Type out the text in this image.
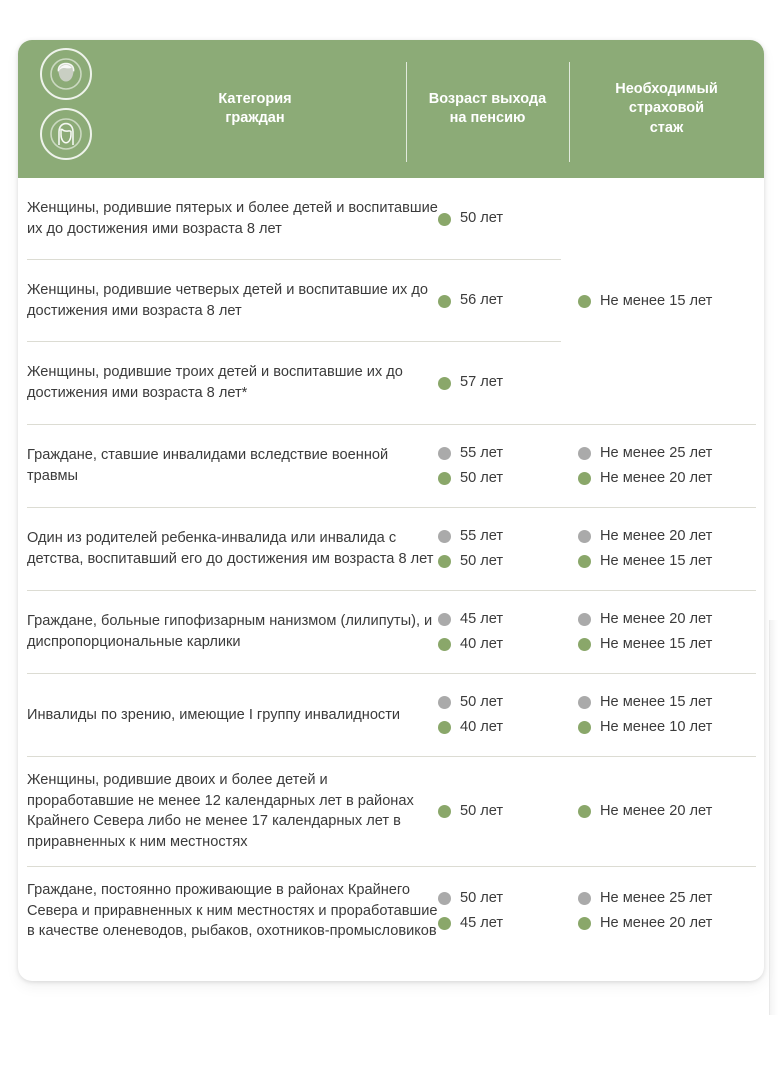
Категория
граждан
Возраст выхода
на пенсию
Необходимый
страховой
стаж
Женщины, родившие пятерых и более детей и воспитавшие их до достижения ими возраста 8 лет
50 лет
Женщины, родившие четверых детей и воспитавшие их до достижения ими возраста 8 лет
56 лет
Женщины, родившие троих детей и воспитавшие их до достижения ими возраста 8 лет*
57 лет
Не менее 15 лет
Граждане, ставшие инвалидами вследствие военной травмы
55 лет
50 лет
Не менее 25 лет
Не менее 20 лет
Один из родителей ребенка-инвалида или инвалида с детства, воспитавший его до достижения им возраста 8 лет
55 лет
50 лет
Не менее 20 лет
Не менее 15 лет
Граждане, больные гипофизарным нанизмом (лилипуты), и диспропорциональные карлики
45 лет
40 лет
Не менее 20 лет
Не менее 15 лет
Инвалиды по зрению, имеющие I группу инвалидности
50 лет
40 лет
Не менее 15 лет
Не менее 10 лет
Женщины, родившие двоих и более детей и проработавшие не менее 12 календарных лет в районах Крайнего Севера либо не менее 17 календарных лет в приравненных к ним местностях
50 лет	Не менее 20 лет
Граждане, постоянно проживающие в районах Крайнего Севера и приравненных к ним местностях и проработавшие в качестве оленеводов, рыбаков, охотников-промысловиков
50 лет
45 лет
Не менее 25 лет
Не менее 20 лет
